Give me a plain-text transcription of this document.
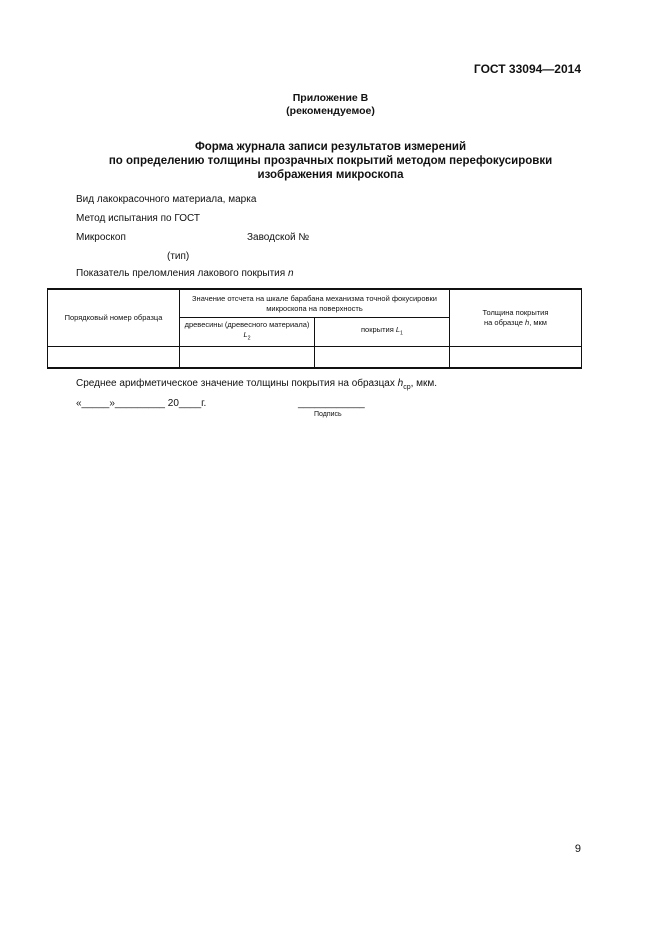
ГОСТ 33094—2014
Приложение В
(рекомендуемое)
Форма журнала записи результатов измерений
по определению толщины прозрачных покрытий методом перефокусировки
изображения микроскопа
Вид лакокрасочного материала, марка
Метод испытания по ГОСТ
Микроскоп	Заводской №
(тип)
Показатель преломления лакового покрытия n
Порядковый номер образца	Значение отсчета на шкале барабана механизма точной фокусировки микроскопа на поверхность		Толщина покрытия
на образце h, мкм
	древесины (древесного материала) $L_2$	покрытия $L_1$

Среднее арифметическое значение толщины покрытия на образцах $h_{ср}$, мкм.
«_____»_________ 20____г.	____________
Подпись
9
